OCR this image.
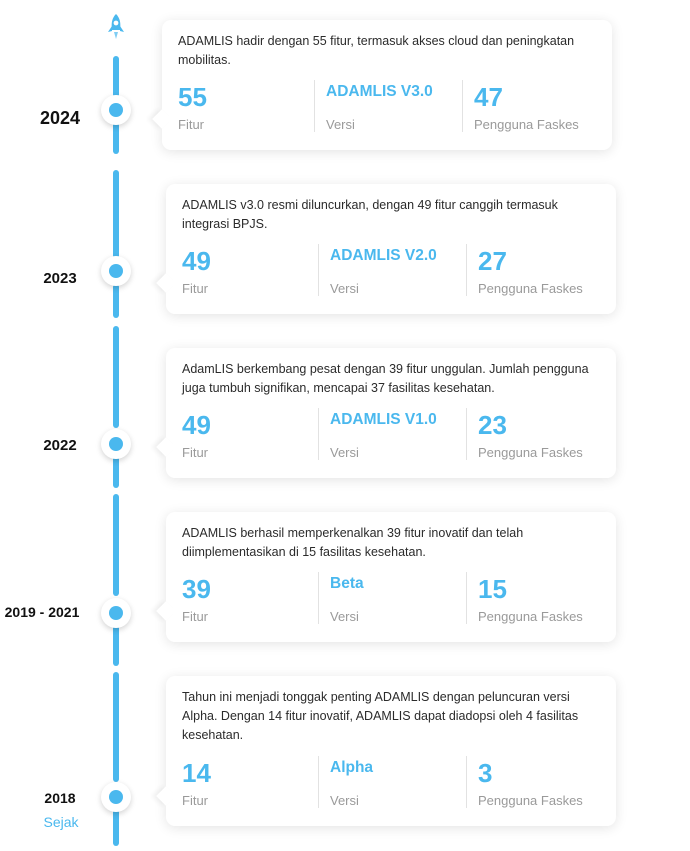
2024
2023
2022
2019 - 2021
2018
Sejak
ADAMLIS hadir dengan 55 fitur, termasuk akses cloud dan peningkatan mobilitas.
55
Fitur
ADAMLIS V3.0
Versi
47
Pengguna Faskes
ADAMLIS v3.0 resmi diluncurkan, dengan 49 fitur canggih termasuk integrasi BPJS.
49
Fitur
ADAMLIS V2.0
Versi
27
Pengguna Faskes
AdamLIS berkembang pesat dengan 39 fitur unggulan. Jumlah pengguna juga tumbuh signifikan, mencapai 37 fasilitas kesehatan.
49
Fitur
ADAMLIS V1.0
Versi
23
Pengguna Faskes
ADAMLIS berhasil memperkenalkan 39 fitur inovatif dan telah diimplementasikan di 15 fasilitas kesehatan.
39
Fitur
Beta
Versi
15
Pengguna Faskes
Tahun ini menjadi tonggak penting ADAMLIS dengan peluncuran versi Alpha. Dengan 14 fitur inovatif, ADAMLIS dapat diadopsi oleh 4 fasilitas kesehatan.
14
Fitur
Alpha
Versi
3
Pengguna Faskes
